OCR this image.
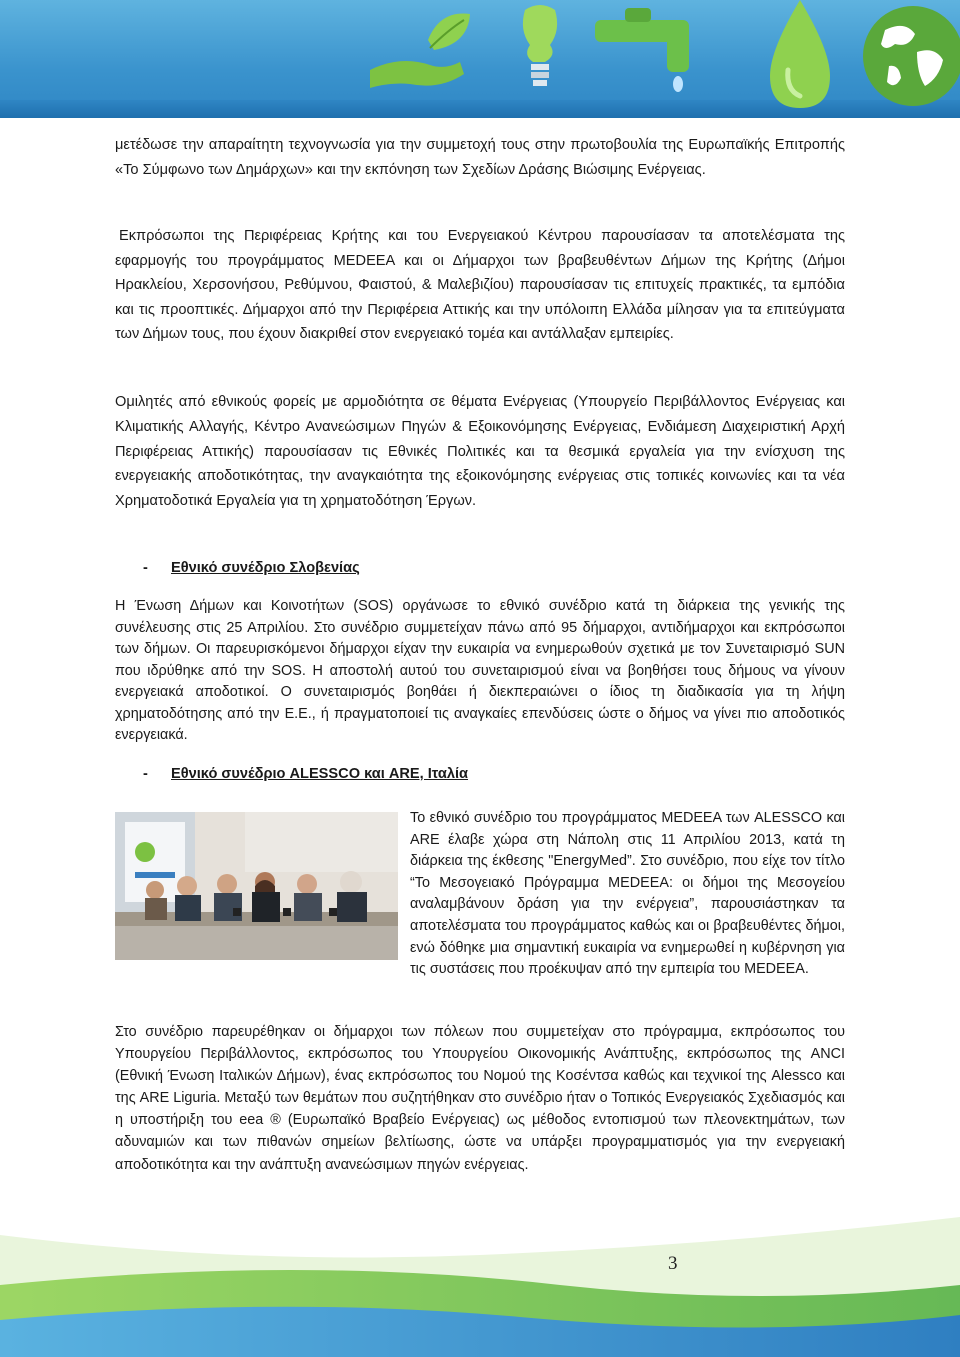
μετέδωσε την απαραίτητη τεχνογνωσία για την συμμετοχή τους στην πρωτοβουλία της Ευρωπαϊκής Επιτροπής «Το Σύμφωνο των Δημάρχων» και την εκπόνηση των Σχεδίων Δράσης Βιώσιμης Ενέργειας.
Εκπρόσωποι της Περιφέρειας Κρήτης και του Ενεργειακού Κέντρου παρουσίασαν τα αποτελέσματα της εφαρμογής του προγράμματος MEDEEA και οι Δήμαρχοι των βραβευθέντων Δήμων της Κρήτης (Δήμοι Ηρακλείου, Χερσονήσου, Ρεθύμνου, Φαιστού, & Μαλεβιζίου) παρουσίασαν τις επιτυχείς πρακτικές, τα εμπόδια και τις προοπτικές. Δήμαρχοι από την Περιφέρεια Αττικής και την υπόλοιπη Ελλάδα μίλησαν για τα επιτεύγματα των Δήμων τους, που έχουν διακριθεί στον ενεργειακό τομέα και αντάλλαξαν εμπειρίες.
Ομιλητές από εθνικούς φορείς με αρμοδιότητα σε θέματα Ενέργειας (Υπουργείο Περιβάλλοντος Ενέργειας και Κλιματικής Αλλαγής, Κέντρο Ανανεώσιμων Πηγών & Εξοικονόμησης Ενέργειας, Ενδιάμεση Διαχειριστική Αρχή Περιφέρειας Αττικής) παρουσίασαν τις Εθνικές Πολιτικές και τα θεσμικά εργαλεία για την ενίσχυση της ενεργειακής αποδοτικότητας, την αναγκαιότητα της εξοικονόμησης ενέργειας στις τοπικές κοινωνίες και τα νέα Χρηματοδοτικά Εργαλεία για τη χρηματοδότηση Έργων.
- Εθνικό συνέδριο Σλοβενίας
Η Ένωση Δήμων και Κοινοτήτων (SOS) οργάνωσε το εθνικό συνέδριο κατά τη διάρκεια της γενικής της συνέλευσης στις 25 Απριλίου. Στο συνέδριο συμμετείχαν πάνω από 95 δήμαρχοι, αντιδήμαρχοι και εκπρόσωποι των δήμων. Οι παρευρισκόμενοι δήμαρχοι είχαν την ευκαιρία να ενημερωθούν σχετικά με τον Συνεταιρισμό SUN που ιδρύθηκε από την SOS. Η αποστολή αυτού του συνεταιρισμού είναι να βοηθήσει τους δήμους να γίνουν ενεργειακά αποδοτικοί. Ο συνεταιρισμός βοηθάει ή διεκπεραιώνει ο ίδιος τη διαδικασία για τη λήψη χρηματοδότησης από την Ε.Ε., ή πραγματοποιεί τις αναγκαίες επενδύσεις ώστε ο δήμος να γίνει πιο αποδοτικός ενεργειακά.
- Εθνικό συνέδριο ALESSCO και ARE, Ιταλία
Το εθνικό συνέδριο του προγράμματος MEDEEA των ALESSCO και ARE έλαβε χώρα στη Νάπολη στις 11 Απριλίου 2013, κατά τη διάρκεια της έκθεσης "EnergyMed”. Στο συνέδριο, που είχε τον τίτλο “Το Μεσογειακό Πρόγραμμα MEDEEA: οι δήμοι της Μεσογείου αναλαμβάνουν δράση για την ενέργεια”, παρουσιάστηκαν τα αποτελέσματα του προγράμματος καθώς και οι βραβευθέντες δήμοι, ενώ δόθηκε μια σημαντική ευκαιρία να ενημερωθεί η κυβέρνηση για τις συστάσεις που προέκυψαν από την εμπειρία του MEDEEA.
Στο συνέδριο παρευρέθηκαν οι δήμαρχοι των πόλεων που συμμετείχαν στο πρόγραμμα, εκπρόσωπος του Υπουργείου Περιβάλλοντος, εκπρόσωπος του Υπουργείου Οικονομικής Ανάπτυξης, εκπρόσωπος της ANCI (Εθνική Ένωση Ιταλικών Δήμων), ένας εκπρόσωπος του Νομού της Κοσέντσα καθώς και τεχνικοί της Alessco και της ARE Liguria. Μεταξύ των θεμάτων που συζητήθηκαν στο συνέδριο ήταν ο Τοπικός Ενεργειακός Σχεδιασμός και η υποστήριξη του eea ® (Ευρωπαϊκό Βραβείο Ενέργειας) ως μέθοδος εντοπισμού των πλεονεκτημάτων, των αδυναμιών και των πιθανών σημείων βελτίωσης, ώστε να υπάρξει προγραμματισμός για την ενεργειακή αποδοτικότητα και την ανάπτυξη ανανεώσιμων πηγών ενέργειας.
3
